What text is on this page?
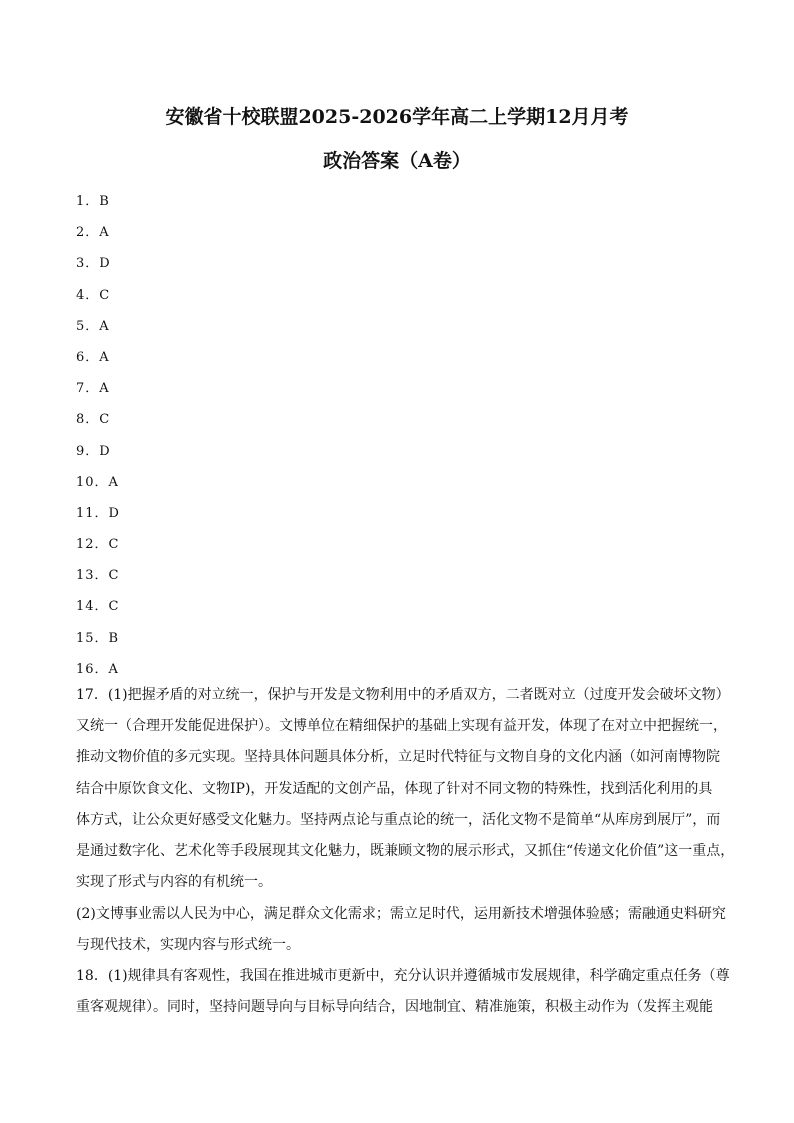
安徽省十校联盟2025-2026学年高二上学期12月月考
政治答案（A卷）
1．B
2．A
3．D
4．C
5．A
6．A
7．A
8．C
9．D
10．A
11．D
12．C
13．C
14．C
15．B
16．A
17．(1)把握矛盾的对立统一，保护与开发是文物利用中的矛盾双方，二者既对立（过度开发会破坏文物）
又统一（合理开发能促进保护）。文博单位在精细保护的基础上实现有益开发，体现了在对立中把握统一，
推动文物价值的多元实现。坚持具体问题具体分析，立足时代特征与文物自身的文化内涵（如河南博物院
结合中原饮食文化、文物IP)，开发适配的文创产品，体现了针对不同文物的特殊性，找到活化利用的具
体方式，让公众更好感受文化魅力。坚持两点论与重点论的统一，活化文物不是简单“从库房到展厅”，而
是通过数字化、艺术化等手段展现其文化魅力，既兼顾文物的展示形式，又抓住“传递文化价值”这一重点，
实现了形式与内容的有机统一。
(2)文博事业需以人民为中心，满足群众文化需求；需立足时代，运用新技术增强体验感；需融通史料研究
与现代技术，实现内容与形式统一。
18．(1)规律具有客观性，我国在推进城市更新中，充分认识并遵循城市发展规律，科学确定重点任务（尊
重客观规律）。同时，坚持问题导向与目标导向结合，因地制宜、精准施策，积极主动作为（发挥主观能
